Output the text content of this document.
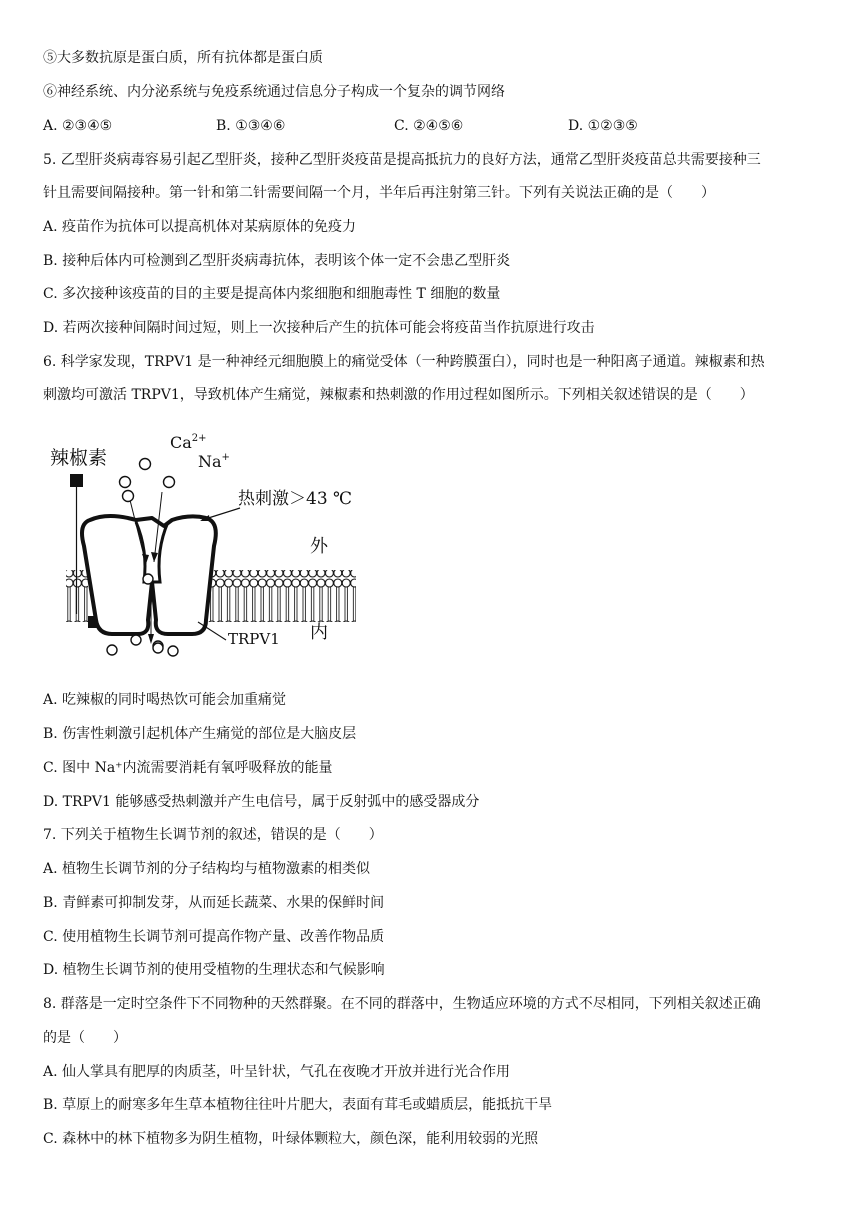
⑤大多数抗原是蛋白质，所有抗体都是蛋白质
⑥神经系统、内分泌系统与免疫系统通过信息分子构成一个复杂的调节网络
A. ②③④⑤	B. ①③④⑥	C. ②④⑤⑥	D. ①②③⑤
5. 乙型肝炎病毒容易引起乙型肝炎，接种乙型肝炎疫苗是提高抵抗力的良好方法，通常乙型肝炎疫苗总共需要接种三
针且需要间隔接种。第一针和第二针需要间隔一个月，半年后再注射第三针。下列有关说法正确的是（　　）
A. 疫苗作为抗体可以提高机体对某病原体的免疫力
B. 接种后体内可检测到乙型肝炎病毒抗体，表明该个体一定不会患乙型肝炎
C. 多次接种该疫苗的目的主要是提高体内浆细胞和细胞毒性 T 细胞的数量
D. 若两次接种间隔时间过短，则上一次接种后产生的抗体可能会将疫苗当作抗原进行攻击
6. 科学家发现，TRPV1 是一种神经元细胞膜上的痛觉受体（一种跨膜蛋白），同时也是一种阳离子通道。辣椒素和热
刺激均可激活 TRPV1，导致机体产生痛觉，辣椒素和热刺激的作用过程如图所示。下列相关叙述错误的是（　　）
辣椒素
$Ca^{2+}$
Na+
热刺激＞43 ℃
外
内
TRPV1
A. 吃辣椒的同时喝热饮可能会加重痛觉
B. 伤害性刺激引起机体产生痛觉的部位是大脑皮层
C. 图中 Na⁺内流需要消耗有氧呼吸释放的能量
D. TRPV1 能够感受热刺激并产生电信号，属于反射弧中的感受器成分
7. 下列关于植物生长调节剂的叙述，错误的是（　　）
A. 植物生长调节剂的分子结构均与植物激素的相类似
B. 青鲜素可抑制发芽，从而延长蔬菜、水果的保鲜时间
C. 使用植物生长调节剂可提高作物产量、改善作物品质
D. 植物生长调节剂的使用受植物的生理状态和气候影响
8. 群落是一定时空条件下不同物种的天然群聚。在不同的群落中，生物适应环境的方式不尽相同，下列相关叙述正确
的是（　　）
A. 仙人掌具有肥厚的肉质茎，叶呈针状，气孔在夜晚才开放并进行光合作用
B. 草原上的耐寒多年生草本植物往往叶片肥大，表面有茸毛或蜡质层，能抵抗干旱
C. 森林中的林下植物多为阴生植物，叶绿体颗粒大，颜色深，能利用较弱的光照
